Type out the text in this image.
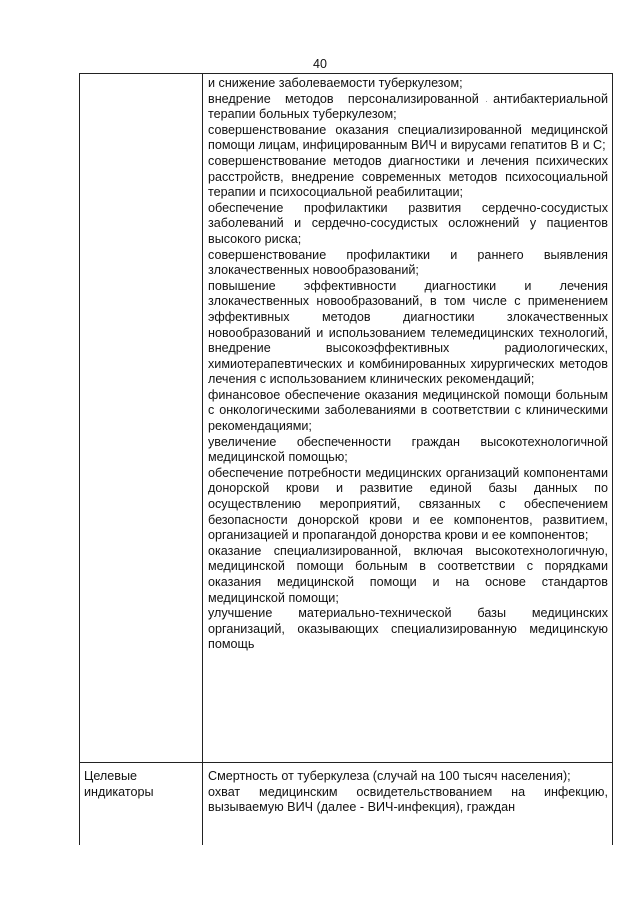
40
и снижение заболеваемости туберкулезом;
внедрение методов персонализированной антибактериальной терапии больных туберкулезом;
совершенствование оказания специализированной медицинской помощи лицам, инфицированным ВИЧ и вирусами гепатитов В и С;
совершенствование методов диагностики и лечения психических расстройств, внедрение современных методов психосоциальной терапии и психосоциальной реабилитации;
обеспечение профилактики развития сердечно-сосудистых заболеваний и сердечно-сосудистых осложнений у пациентов высокого риска;
совершенствование профилактики и раннего выявления злокачественных новообразований;
повышение эффективности диагностики и лечения злокачественных новообразований, в том числе с применением эффективных методов диагностики злокачественных новообразований и использованием телемедицинских технологий, внедрение высокоэффективных радиологических, химиотерапевтических и комбинированных хирургических методов лечения с использованием клинических рекомендаций;
финансовое обеспечение оказания медицинской помощи больным с онкологическими заболеваниями в соответствии с клиническими рекомендациями;
увеличение обеспеченности граждан высокотехнологичной медицинской помощью;
обеспечение потребности медицинских организаций компонентами донорской крови и развитие единой базы данных по осуществлению мероприятий, связанных с обеспечением безопасности донорской крови и ее компонентов, развитием, организацией и пропагандой донорства крови и ее компонентов;
оказание специализированной, включая высокотехнологичную, медицинской помощи больным в соответствии с порядками оказания медицинской помощи и на основе стандартов медицинской помощи;
улучшение материально-технической базы медицинских организаций, оказывающих специализированную медицинскую помощь
Целевые индикаторы
Смертность от туберкулеза (случай на 100 тысяч населения);
охват медицинским освидетельствованием на инфекцию, вызываемую ВИЧ (далее - ВИЧ-инфекция), граждан
